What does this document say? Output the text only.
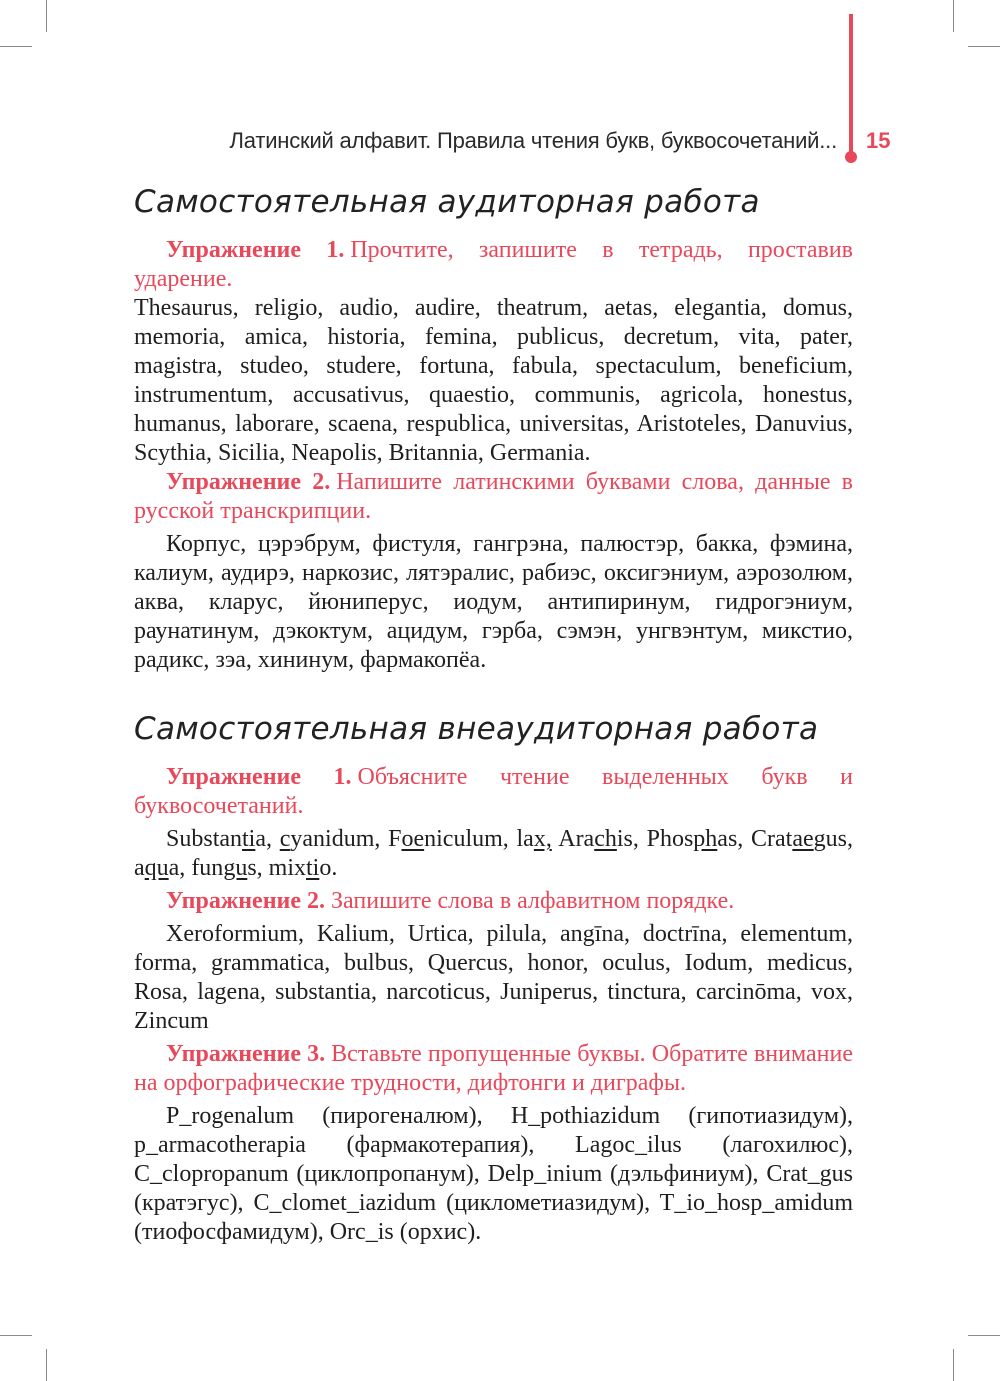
Латинский алфавит. Правила чтения букв, буквосочетаний... 15
Самостоятельная аудиторная работа

Упражнение 1. Прочтите, запишите в тетрадь, проставив ударение.

Thesaurus, religio, audio, audire, theatrum, aetas, elegantia, domus, memoria, amica, historia, femina, publicus, decretum, vita, pater, magistra, studeo, studere, fortuna, fabula, spectaculum, beneficium, instrumentum, accusativus, quaestio, communis, agricola, honestus, humanus, laborare, scaena, respublica, universitas, Aristoteles, Danuvius, Scythia, Sicilia, Neapolis, Britannia, Germania.

Упражнение 2. Напишите латинскими буквами слова, данные в русской транскрипции.

Корпус, цэрэбрум, фистуля, гангрэна, палюстэр, бакка, фэмина, калиум, аудирэ, наркозис, лятэралис, рабиэс, оксигэниум, аэрозолюм, аква, кларус, йюниперус, иодум, антипиринум, гидрогэниум, раунатинум, дэкоктум, ацидум, гэрба, сэмэн, унгвэнтум, микстио, радикс, зэа, хининум, фармакопёа.

Самостоятельная внеаудиторная работа

Упражнение 1. Объясните чтение выделенных букв и буквосочетаний.

Substantia, cyanidum, Foeniculum, lax, Arachis, Phosphas, Crataegus, aqua, fungus, mixtio.

Упражнение 2. Запишите слова в алфавитном порядке.

Xeroformium, Kalium, Urtica, pilula, angīna, doctrīna, elementum, forma, grammatica, bulbus, Quercus, honor, oculus, Iodum, medicus, Rosa, lagena, substantia, narcoticus, Juniperus, tinctura, carcinōma, vox, Zincum

Упражнение 3. Вставьте пропущенные буквы. Обратите внимание на орфографические трудности, дифтонги и диграфы.

P_rogenalum (пирогеналюм), H_pothiazidum (гипотиазидум), p_armacotherapia (фармакотерапия), Lagoc_ilus (лагохилюс), C_clopropanum (циклопропанум), Delp_inium (дэльфиниум), Crat_gus (кратэгус), C_clomet_iazidum (циклометиазидум), T_io_hosp_amidum (тиофосфамидум), Orc_is (орхис).
